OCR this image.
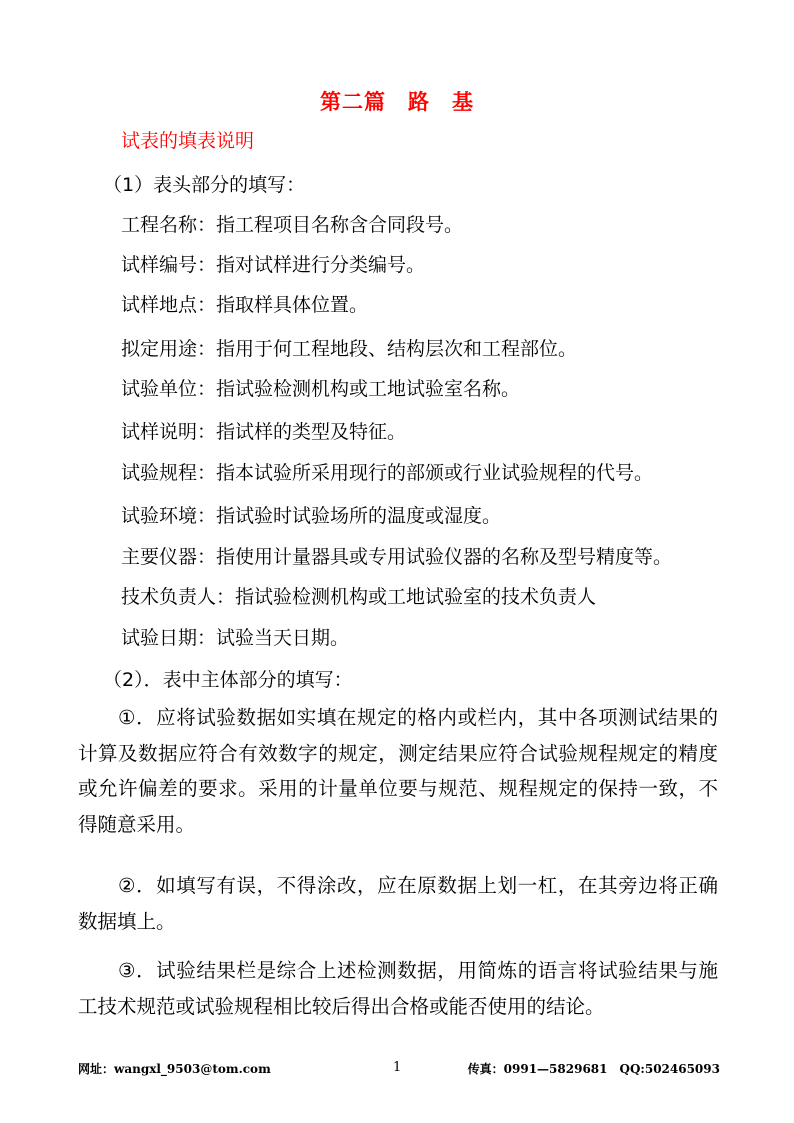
第二篇　路　基
试表的填表说明
（1）表头部分的填写：
工程名称：指工程项目名称含合同段号。
试样编号：指对试样进行分类编号。
试样地点：指取样具体位置。
拟定用途：指用于何工程地段、结构层次和工程部位。
试验单位：指试验检测机构或工地试验室名称。
试样说明：指试样的类型及特征。
试验规程：指本试验所采用现行的部颁或行业试验规程的代号。
试验环境：指试验时试验场所的温度或湿度。
主要仪器：指使用计量器具或专用试验仪器的名称及型号精度等。
技术负责人：指试验检测机构或工地试验室的技术负责人
试验日期：试验当天日期。
（2）．表中主体部分的填写：
①．应将试验数据如实填在规定的格内或栏内，其中各项测试结果的计算及数据应符合有效数字的规定，测定结果应符合试验规程规定的精度或允许偏差的要求。采用的计量单位要与规范、规程规定的保持一致，不得随意采用。
②．如填写有误，不得涂改，应在原数据上划一杠，在其旁边将正确数据填上。
③．试验结果栏是综合上述检测数据，用简炼的语言将试验结果与施工技术规范或试验规程相比较后得出合格或能否使用的结论。
网址：wangxl_9503@tom.com	1	传真：0991—5829681　QQ:502465093
